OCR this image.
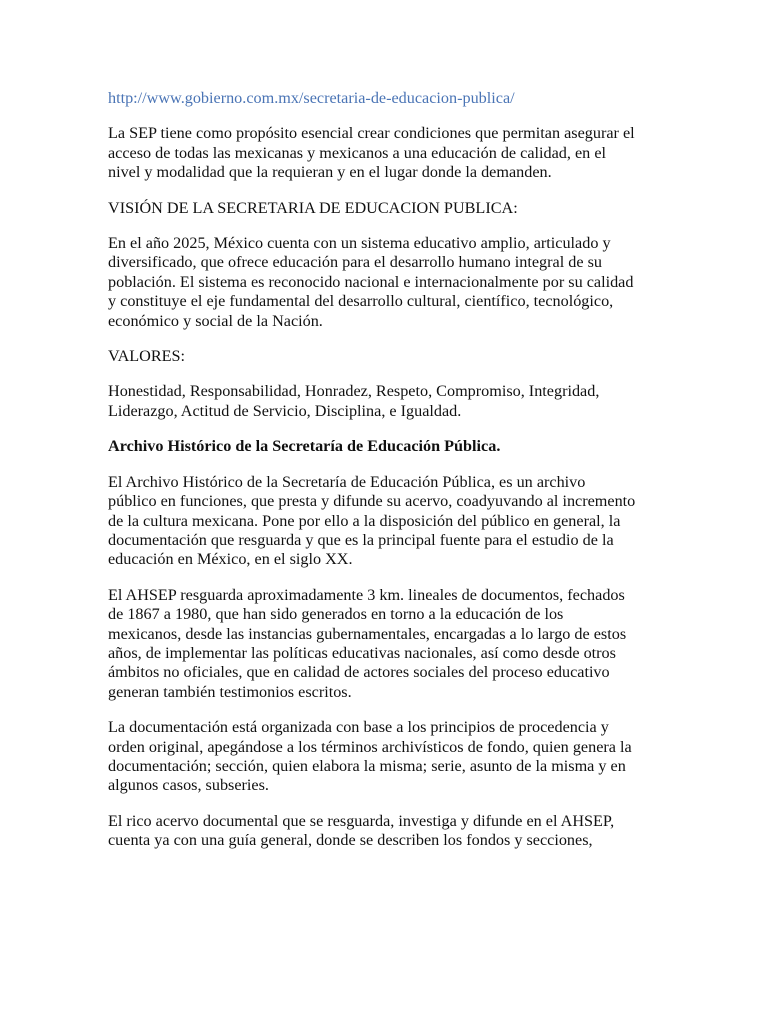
http://www.gobierno.com.mx/secretaria-de-educacion-publica/

La SEP tiene como propósito esencial crear condiciones que permitan asegurar el
acceso de todas las mexicanas y mexicanos a una educación de calidad, en el
nivel y modalidad que la requieran y en el lugar donde la demanden.

VISIÓN DE LA SECRETARIA DE EDUCACION PUBLICA:

En el año 2025, México cuenta con un sistema educativo amplio, articulado y
diversificado, que ofrece educación para el desarrollo humano integral de su
población. El sistema es reconocido nacional e internacionalmente por su calidad
y constituye el eje fundamental del desarrollo cultural, científico, tecnológico,
económico y social de la Nación.

VALORES:

Honestidad, Responsabilidad, Honradez, Respeto, Compromiso, Integridad,
Liderazgo, Actitud de Servicio, Disciplina, e Igualdad.

Archivo Histórico de la Secretaría de Educación Pública.

El Archivo Histórico de la Secretaría de Educación Pública, es un archivo
público en funciones, que presta y difunde su acervo, coadyuvando al incremento
de la cultura mexicana. Pone por ello a la disposición del público en general, la
documentación que resguarda y que es la principal fuente para el estudio de la
educación en México, en el siglo XX.

El AHSEP resguarda aproximadamente 3 km. lineales de documentos, fechados
de 1867 a 1980, que han sido generados en torno a la educación de los
mexicanos, desde las instancias gubernamentales, encargadas a lo largo de estos
años, de implementar las políticas educativas nacionales, así como desde otros
ámbitos no oficiales, que en calidad de actores sociales del proceso educativo
generan también testimonios escritos.

La documentación está organizada con base a los principios de procedencia y
orden original, apegándose a los términos archivísticos de fondo, quien genera la
documentación; sección, quien elabora la misma; serie, asunto de la misma y en
algunos casos, subseries.

El rico acervo documental que se resguarda, investiga y difunde en el AHSEP,
cuenta ya con una guía general, donde se describen los fondos y secciones,
